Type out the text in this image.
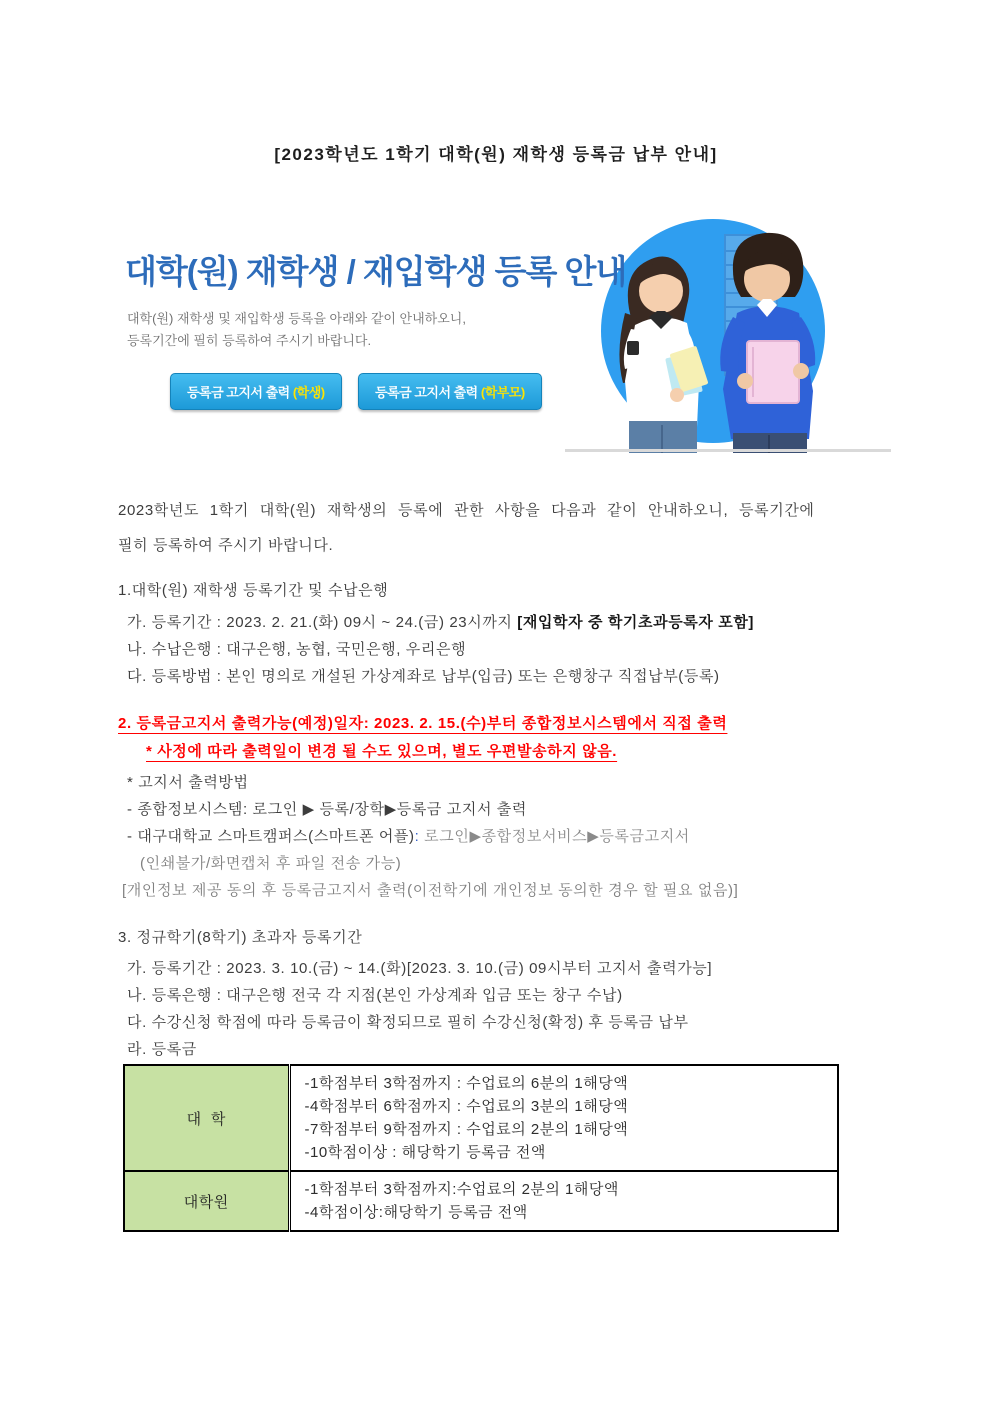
[2023학년도 1학기 대학(원) 재학생 등록금 납부 안내]
대학(원) 재학생 / 재입학생 등록 안내
대학(원) 재학생 및 재입학생 등록을 아래와 같이 안내하오니,
등록기간에 필히 등록하여 주시기 바랍니다.
등록금 고지서 출력 (학생)	등록금 고지서 출력 (학부모)
2023학년도 1학기 대학(원) 재학생의 등록에 관한 사항을 다음과 같이 안내하오니, 등록기간에
필히 등록하여 주시기 바랍니다.
1.대학(원) 재학생 등록기간 및 수납은행
가. 등록기간 : 2023. 2. 21.(화) 09시 ~ 24.(금) 23시까지 [재입학자 중 학기초과등록자 포함]
나. 수납은행 : 대구은행, 농협, 국민은행, 우리은행
다. 등록방법 : 본인 명의로 개설된 가상계좌로 납부(입금) 또는 은행창구 직접납부(등록)
2. 등록금고지서 출력가능(예정)일자: 2023. 2. 15.(수)부터 종합정보시스템에서 직접 출력
* 사정에 따라 출력일이 변경 될 수도 있으며, 별도 우편발송하지 않음.
* 고지서 출력방법
- 종합정보시스템: 로그인 ▶ 등록/장학▶등록금 고지서 출력
- 대구대학교 스마트캠퍼스(스마트폰 어플): 로그인▶종합정보서비스▶등록금고지서
(인쇄불가/화면캡처 후 파일 전송 가능)
[개인정보 제공 동의 후 등록금고지서 출력(이전학기에 개인정보 동의한 경우 할 필요 없음)]
3. 정규학기(8학기) 초과자 등록기간
가. 등록기간 : 2023. 3. 10.(금) ~ 14.(화)[2023. 3. 10.(금) 09시부터 고지서 출력가능]
나. 등록은행 : 대구은행 전국 각 지점(본인 가상계좌 입금 또는 창구 수납)
다. 수강신청 학점에 따라 등록금이 확정되므로 필히 수강신청(확정) 후 등록금 납부
라. 등록금
대  학	-1학점부터 3학점까지 : 수업료의 6분의 1해당액
-4학점부터 6학점까지 : 수업료의 3분의 1해당액
-7학점부터 9학점까지 : 수업료의 2분의 1해당액
-10학점이상 : 해당학기 등록금 전액

대학원	-1학점부터 3학점까지:수업료의 2분의 1해당액
-4학점이상:해당학기 등록금 전액
